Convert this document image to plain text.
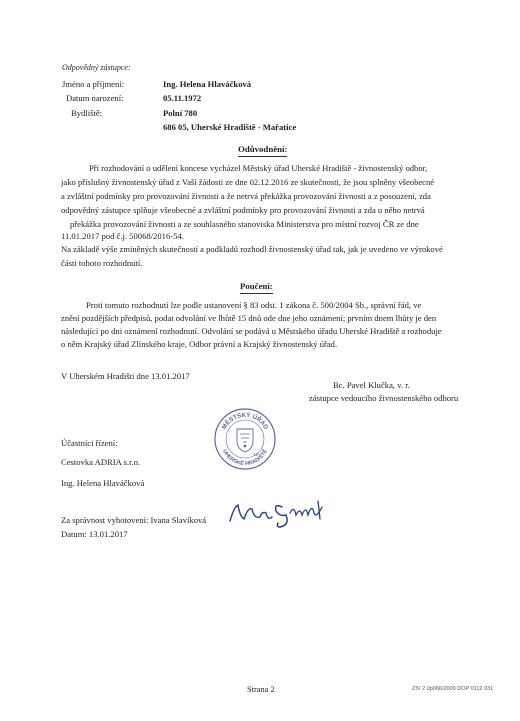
Odpovědný zástupce:
Jméno a příjmení:	Ing. Helena Hlaváčková
Datum narození:	05.11.1972
Bydliště:	Polní 780
686 05, Uherské Hradiště - Mařatice
Odůvodnění:
Při rozhodování o udělení koncese vycházel Městský úřad Uherské Hradiště - živnostenský odbor,
jako příslušný živnostenský úřad z Vaší žádosti ze dne 02.12.2016 ze skutečnosti, že jsou splněny všeobecné
a zvláštní podmínky pro provozování živnosti a že netrvá překážka provozování živnosti a z posouzení, zda
odpovědný zástupce splňuje všeobecné a zvláštní podmínky pro provozování živnosti a zda u něho netrvá
překážka provozování živnosti a ze souhlasného stanoviska Ministerstva pro místní rozvoj ČR ze dne
11.01.2017 pod č.j. 50068/2016-54.
Na základě výše zmíněných skutečností a podkladů rozhodl živnostenský úřad tak, jak je uvedeno ve výrokové
části tohoto rozhodnutí.
Poučení:
Proti tomuto rozhodnutí lze podle ustanovení § 83 odst. 1 zákona č. 500/2004 Sb., správní řád, ve
znění pozdějších předpisů, podat odvolání ve lhůtě 15 dnů ode dne jeho oznámení; prvním dnem lhůty je den
následující po dni oznámení rozhodnutí. Odvolání se podává u Městského úřadu Uherské Hradiště a rozhoduje
o něm Krajský úřad Zlínského kraje, Odbor právní a Krajský živnostenský úřad.
V Uherském Hradišti dne 13.01.2017
Bc. Pavel Klučka, v. r.
zástupce vedoucího živnostenského odboru
MĚSTSKÝ ÚŘAD
UHERSKÉ HRADIŠTĚ
12
Účastníci řízení:
Cestovka ADRIA s.r.o.
Ing. Helena Hlaváčková
Za správnost vyhotovení: Ivana Slavíková
Datum: 13.01.2017
Strana 2	ZIV 2 0p066/2009 DOP 0112 031
